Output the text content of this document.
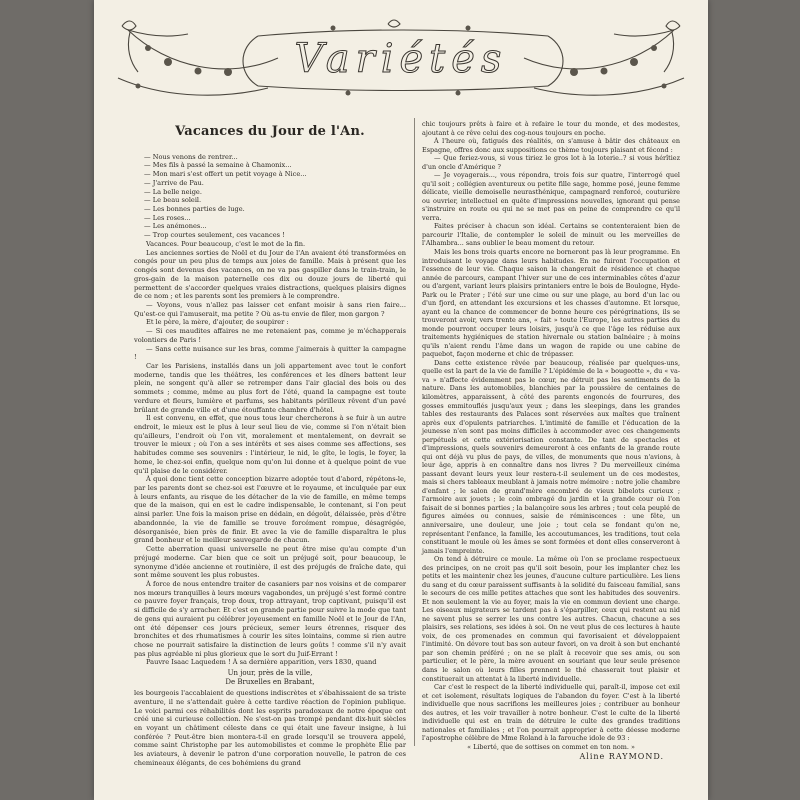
Variétés
Vacances du Jour de l'An.

— Nous venons de rentrer...

— Mes fils à passé la semaine à Chamonix...

— Mon mari s'est offert un petit voyage à Nice...

— J'arrive de Pau.

— La belle neige.

— Le beau soleil.

— Les bonnes parties de luge.

— Les roses...

— Les anémones...

— Trop courtes seulement, ces vacances !

Vacances. Pour beaucoup, c'est le mot de la fin.

Les anciennes sorties de Noël et du Jour de l'An avaient été transformées en congés pour un peu plus de temps aux joies de famille. Mais à présent que les congés sont devenus des vacances, on ne va pas gaspiller dans le train-train, le gros-gain de la maison paternelle ces dix ou douze jours de liberté qui permettent de s'accorder quelques vraies distractions, quelques plaisirs dignes de ce nom ; et les parents sont les premiers à le comprendre.

— Voyons, vous n'allez pas laisser cet enfant moisir à sans rien faire... Qu'est-ce qui l'amuserait, ma petite ? Où as-tu envie de filer, mon gargon ?

Et le père, la mère, d'ajouter, de soupirer :

— Si ces maudites affaires ne me retenaient pas, comme je m'échapperais volontiers de Paris !

— Sans cette nuisance sur les bras, comme j'aimerais à quitter la campagne !

Car les Parisiens, installés dans un joli appartement avec tout le confort moderne, tandis que les théâtres, les conférences et les dîners battent leur plein, ne songent qu'à aller se retremper dans l'air glacial des bois ou des sommets ; comme, même au plus fort de l'été, quand la campagne est toute verdure et fleurs, lumière et parfums, ses habitants périlleux rêvent d'un pavé brûlant de grande ville et d'une étouffante chambre d'hôtel.

Il est convenu, en effet, que nous tous leur chercherons à se fuir à un autre endroit, le mieux est le plus à leur seul lieu de vie, comme si l'on n'était bien qu'ailleurs, l'endroit où l'on vit, moralement et mentalement, on devrait se trouver le mieux ; où l'on a ses intérêts et ses aises comme ses affections, ses habitudes comme ses souvenirs : l'intérieur, le nid, le gîte, le logis, le foyer, la home, le chez-soi enfin, quelque nom qu'on lui donne et à quelque point de vue qu'il plaise de le considérer.

À quoi donc tient cette conception bizarre adoptée tout d'abord, répétons-le, par les parents dont se chez-soi est l'œuvre et le royaume, et inculquée par eux à leurs enfants, au risque de les détacher de la vie de famille, en même temps que de la maison, qui en est le cadre indispensable, le contenant, si l'on peut ainsi parler. Une fois la maison prise en dédain, en dégoût, délaissée, près d'être abandonnée, la vie de famille se trouve forcément rompue, désagrégée, désorganisée, bien près de finir. Et avec la vie de famille disparaîtra le plus grand bonheur et le meilleur sauvegarde de chacun.

Cette aberration quasi universelle ne peut être mise qu'au compte d'un préjugé moderne. Car bien que ce soit un préjugé soit, pour beaucoup, le synonyme d'idée ancienne et routinière, il est des préjugés de fraîche date, qui sont même souvent les plus robustes.

À force de nous entendre traiter de casaniers par nos voisins et de comparer nos mœurs tranquilles à leurs mœurs vagabondes, un préjugé s'est formé contre ce pauvre foyer français, trop doux, trop attrayant, trop captivant, puisqu'il est si difficile de s'y arracher. Et c'est en grande partie pour suivre la mode que tant de gens qui auraient pu célébrer joyeusement en famille Noël et le Jour de l'An, ont été dépenser ces jours précieux, semer leurs étrennes, risquer des bronchites et des rhumatismes à courir les sites lointains, comme si rien autre chose ne pourrait satisfaire la distinction de leurs goûts ! comme s'il n'y avait pas plus agréable ni plus glorieux que le sort du Juif-Errant !

Pauvre Isaac Laquedem ! À sa dernière apparition, vers 1830, quand

Un jour, près de la ville,
De Bruxelles en Brabant,

les bourgeois l'accablaient de questions indiscrètes et s'ébahissaient de sa triste aventure, il ne s'attendait guère à cette tardive réaction de l'opinion publique. Le voici parmi ces réhabilités dont les esprits paradoxaux de notre époque ont créé une si curieuse collection. Ne s'est-on pas trompé pendant dix-huit siècles en voyant un châtiment céleste dans ce qui était une faveur insigne, à lui conférée ? Peut-être bien montera-t-il en grade lorsqu'il se trouvera appelé, comme saint Christophe par les automobilistes et comme le prophète Élie par les aviateurs, à devenir le patron d'une corporation nouvelle, le patron de ces chemineaux élégants, de ces bohémiens du grand

chic toujours prêts à faire et à refaire le tour du monde, et des modestes, ajoutant à ce rêve celui des cog-nous toujours en poche.

À l'heure où, fatigués des réalités, on s'amuse à bâtir des châteaux en Espagne, offres donc aux suppositions ce thème toujours plaisant et fécond :

— Que feriez-vous, si vous tiriez le gros lot à la loterie..? si vous hérîtiez d'un oncle d'Amérique ?

— Je voyagerais..., vous répondra, trois fois sur quatre, l'interrogé quel qu'il soit ; collégien aventureux ou petite fille sage, homme posé, jeune femme délicate, vieille demoiselle neurasthénique, campagnard renforcé, couturière ou ouvrier, intellectuel en quête d'impressions nouvelles, ignorant qui pense s'instruire en route ou qui ne se met pas en peine de comprendre ce qu'il verra.

Faites préciser à chacun son idéal. Certains se contenteraient bien de parcourir l'Italie, de contempler le soleil de minuit ou les merveilles de l'Alhambra... sans oublier le beau moment du retour.

Mais les bons trois quarts encore ne borneront pas là leur programme. En introduisant le voyage dans leurs habitudes. En ne fuiront l'occupation et l'essence de leur vie. Chaque saison la changerait de résidence et chaque année de parcours, campant l'hiver sur une de ces interminables côtes d'azur ou d'argent, variant leurs plaisirs printaniers entre le bois de Boulogne, Hyde-Park ou le Prater ; l'été sur une cime ou sur une plage, au bord d'un lac ou d'un fjord, en attendant les excursions et les chasses d'automne. Et lorsque, ayant eu la chance de commencer de bonne heure ces pérégrinations, ils se trouveront avoir, vers trente ans, « fait » toute l'Europe, les autres parties du monde pourront occuper leurs loisirs, jusqu'à ce que l'âge les réduise aux traitements hygiéniques de station hivernale ou station balnéaire ; à moins qu'ils n'aient rendu l'âme dans un wagon de rapide ou une cabine de paquebot, façon moderne et chic de trépasser.

Dans cette existence rêvée par beaucoup, réalisée par quelques-uns, quelle est la part de la vie de famille ? L'épidémie de la « bougeotte », du « va-va » n'affecte évidemment pas le cœur, ne détruit pas les sentiments de la nature. Dans les automobiles, blanchies par la poussière de centaines de kilomètres, apparaissent, à côté des parents engoncés de fourrures, des gosses emmitouflés jusqu'aux yeux ; dans les sleepings, dans les grandes tables des restaurants des Palaces sont réservées aux maîtes que traînent après eux d'opulents patriarches. L'intimité de famille et l'éducation de la jeunesse n'en sont pas moins difficiles à accommoder avec ces changements perpétuels et cette extériorisation constante. De tant de spectacles et d'impressions, quels souvenirs demeureront à ces enfants de la grande route qui ont déjà vu plus de pays, de villes, de monuments que nous n'avions, à leur âge, appris à en connaître dans nos livres ? Du merveilleux cinéma passant devant leurs yeux leur restera-t-il seulement un de ces modestes, mais si chers tableaux meublant à jamais notre mémoire : notre jolie chambre d'enfant ; le salon de grand'mère encombré de vieux bibelots curieux ; l'armoire aux jouets ; le coin ombragé du jardin et la grande cour où l'on faisait de si bonnes parties ; la balançoire sous les arbres ; tout cela peuplé de figures aimées ou connues, saisie de réminiscences : une fête, un anniversaire, une douleur, une joie ; tout cela se fondant qu'on ne, représentant l'enfance, la famille, les accoutumances, les traditions, tout cela constituant le moule où les âmes se sont formées et dont elles conserveront à jamais l'empreinte.

On tend à détruire ce moule. La même où l'on se proclame respectueux des principes, on ne croit pas qu'il soit besoin, pour les implanter chez les petits et les maintenir chez les jeunes, d'aucune culture particulière. Les liens du sang et du cœur paraissent suffisants à la solidité du faisceau familial, sans le secours de ces mille petites attaches que sont les habitudes des souvenirs. Et non seulement la vie au foyer, mais la vie en commun devient une charge. Les oiseaux migrateurs se tardent pas à s'éparpiller, ceux qui restent au nid ne savent plus se serrer les uns contre les autres. Chacun, chacune a ses plaisirs, ses relations, ses idées à soi. On ne veut plus de ces lectures à haute voix, de ces promenades en commun qui favorisaient et développaient l'intimité. On dévore tout bas son auteur favori, on va droit à son but enchanté par son chemin préféré ; on ne se plaît à recevoir que ses amis, ou son particulier, et le père, la mère avouent en souriant que leur seule présence dans le salon où leurs filles prennent le thé chasserait tout plaisir et constituerait un attentat à la liberté individuelle.

Car c'est le respect de la liberté individuelle qui, paraît-il, impose cet exil et cet isolement, résultats logiques de l'abandon du foyer. C'est à la liberté individuelle que nous sacrifions les meilleures joies ; contribuer au bonheur des autres, et les voir travailler à notre bonheur. C'est le culte de la liberté individuelle qui est en train de détruire le culte des grandes traditions nationales et familiales ; et l'on pourrait approprier à cette déesse moderne l'apostrophe célèbre de Mme Roland à la farouche idole de 93 :

« Liberté, que de sottises on commet en ton nom. »

Aline RAYMOND.
